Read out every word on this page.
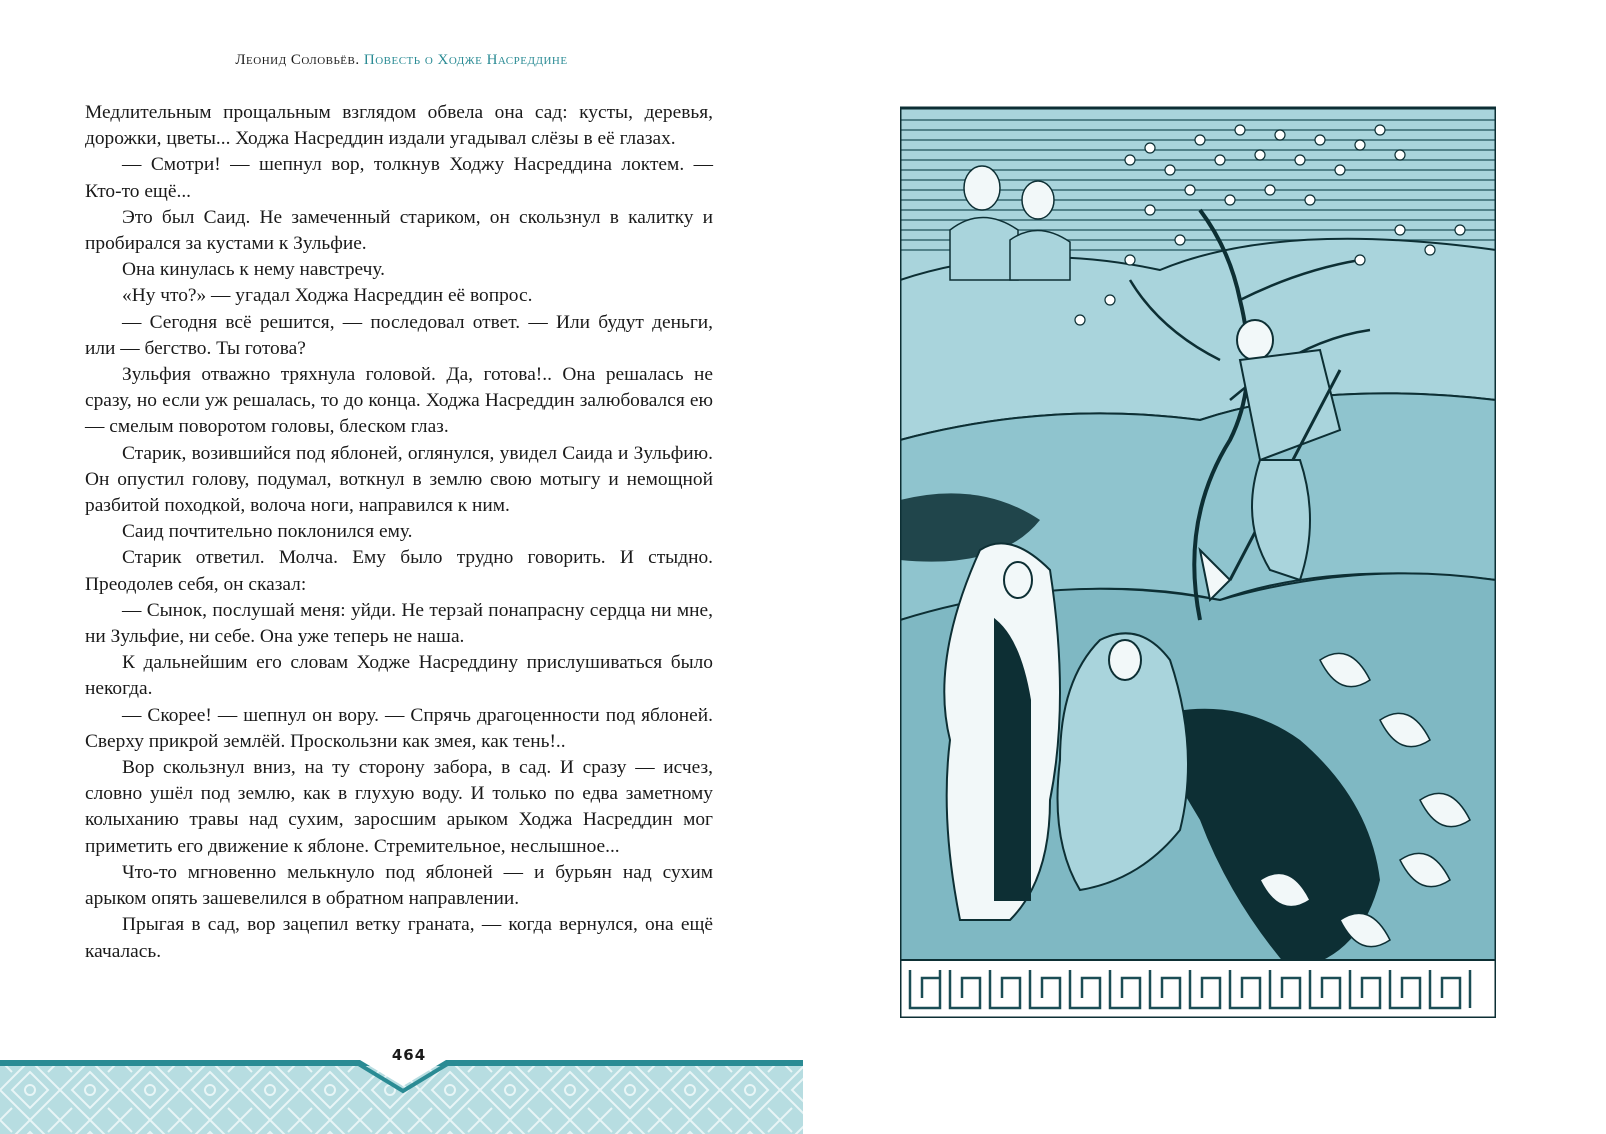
Леонид Соловьёв. Повесть о Ходже Насреддине

Медлительным прощальным взглядом обвела она сад: кусты, деревья, дорожки, цветы... Ходжа Насреддин издали угадывал слёзы в её глазах.

— Смотри! — шепнул вор, толкнув Ходжу Насреддина локтем. — Кто-то ещё...

Это был Саид. Не замеченный стариком, он скользнул в калитку и пробирался за кустами к Зульфие.

Она кинулась к нему навстречу.

«Ну что?» — угадал Ходжа Насреддин её вопрос.

— Сегодня всё решится, — последовал ответ. — Или будут деньги, или — бегство. Ты готова?

Зульфия отважно тряхнула головой. Да, готова!.. Она решалась не сразу, но если уж решалась, то до конца. Ходжа Насреддин залюбовался ею — смелым поворотом головы, блеском глаз.

Старик, возившийся под яблоней, оглянулся, увидел Саида и Зульфию. Он опустил голову, подумал, воткнул в землю свою мотыгу и немощной разбитой походкой, волоча ноги, направился к ним.

Саид почтительно поклонился ему.

Старик ответил. Молча. Ему было трудно говорить. И стыдно. Преодолев себя, он сказал:

— Сынок, послушай меня: уйди. Не терзай понапрасну сердца ни мне, ни Зульфие, ни себе. Она уже теперь не наша.

К дальнейшим его словам Ходже Насреддину прислушиваться было некогда.

— Скорее! — шепнул он вору. — Спрячь драгоценности под яблоней. Сверху прикрой землёй. Проскользни как змея, как тень!..

Вор скользнул вниз, на ту сторону забора, в сад. И сразу — исчез, словно ушёл под землю, как в глухую воду. И только по едва заметному колыханию травы над сухим, заросшим арыком Ходжа Насреддин мог приметить его движение к яблоне. Стремительное, неслышное...

Что-то мгновенно мелькнуло под яблоней — и бурьян над сухим арыком опять зашевелился в обратном направлении.

Прыгая в сад, вор зацепил ветку граната, — когда вернулся, она ещё качалась.

464
